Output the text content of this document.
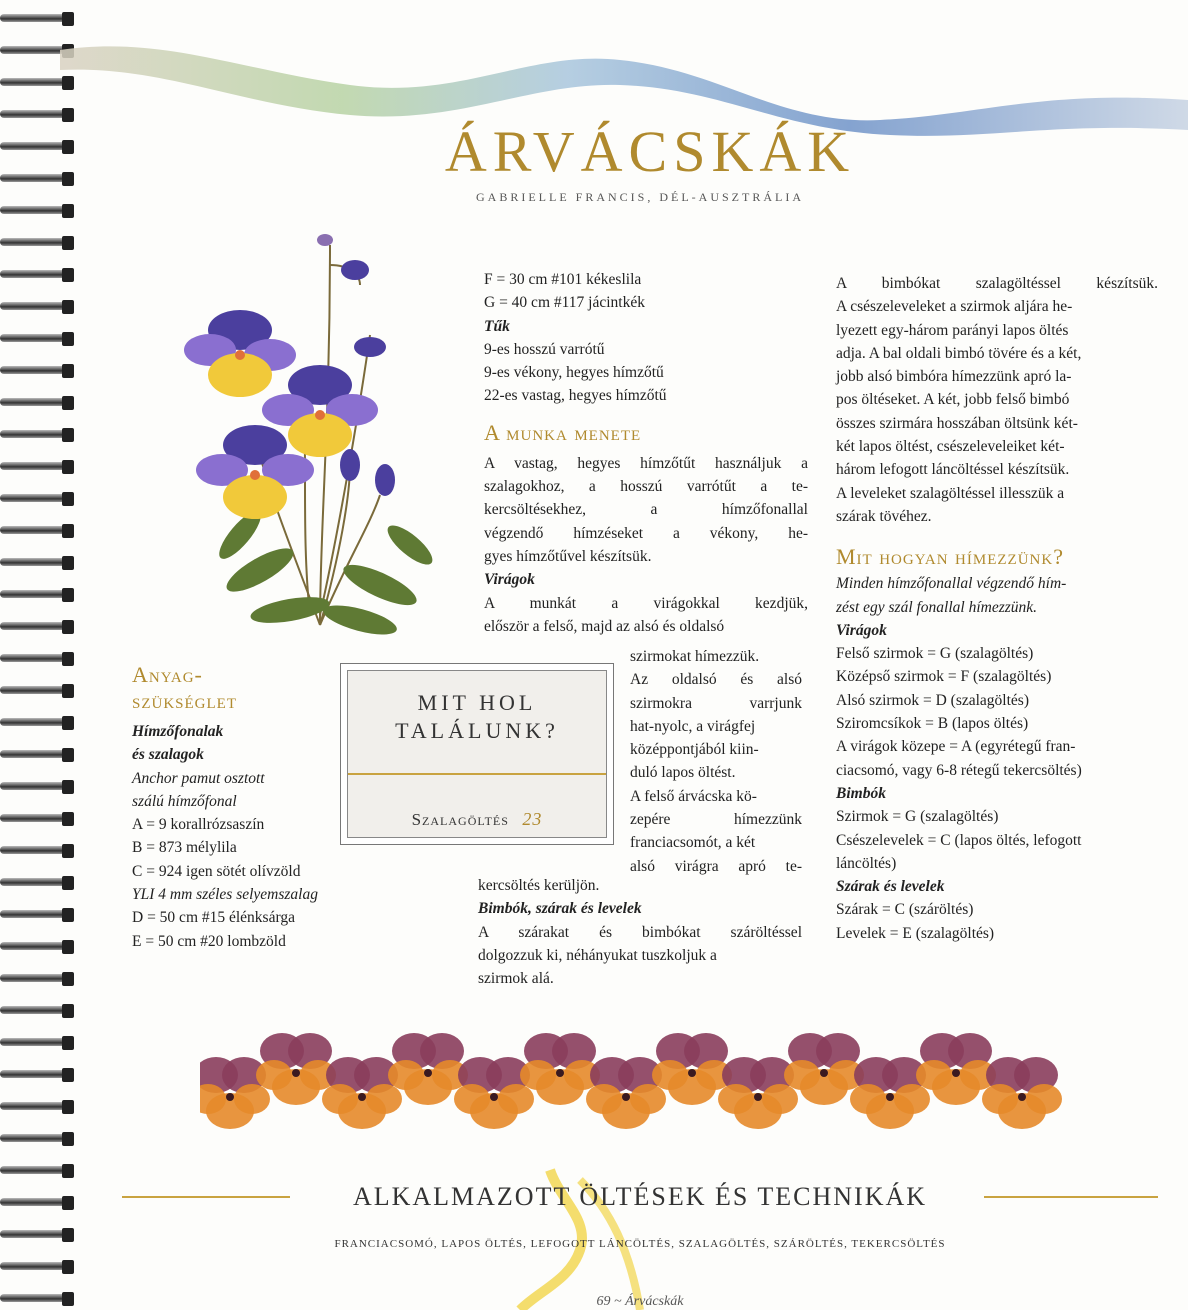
ÁRVÁCSKÁK
GABRIELLE FRANCIS, DÉL-AUSZTRÁLIA
Anyag-
szükséglet
Hímzőfonalak
és szalagok
Anchor pamut osztott
szálú hímzőfonal
A = 9 korallrózsaszín
B = 873 mélylila
C = 924 igen sötét olívzöld
YLI 4 mm széles selyemszalag
D = 50 cm #15 élénksárga
E = 50 cm #20 lombzöld
F = 30 cm #101 kékeslila
G = 40 cm #117 jácintkék
Tűk
9-es hosszú varrótű
9-es vékony, hegyes hímzőtű
22-es vastag, hegyes hímzőtű
A munka menete
A vastag, hegyes hímzőtűt használjuk a
szalagokhoz, a hosszú varrótűt a te-
kercsöltésekhez, a hímzőfonallal
végzendő hímzéseket a vékony, he-
gyes hímzőtűvel készítsük.
Virágok
A munkát a virágokkal kezdjük,
először a felső, majd az alsó és oldalsó
szirmokat hímezzük.
Az oldalsó és alsó
szirmokra varrjunk
hat-nyolc, a virágfej
középpontjából kiin-
duló lapos öltést.
A felső árvácska kö-
zepére hímezzünk
franciacsomót, a két
alsó virágra apró te-
kercsöltés kerüljön.
Bimbók, szárak és levelek
A szárakat és bimbókat száröltéssel
dolgozzuk ki, néhányukat tuszkoljuk a
szirmok alá.
MIT HOL
TALÁLUNK?
Szalagöltés 23
A bimbókat szalagöltéssel készítsük.
A csészeleveleket a szirmok aljára he-
lyezett egy-három parányi lapos öltés
adja. A bal oldali bimbó tövére és a két,
jobb alsó bimbóra hímezzünk apró la-
pos öltéseket. A két, jobb felső bimbó
összes szirmára hosszában öltsünk két-
két lapos öltést, csészeleveleiket két-
három lefogott láncöltéssel készítsük.
A leveleket szalagöltéssel illesszük a
szárak tövéhez.
Mit hogyan hímezzünk?
Minden hímzőfonallal végzendő hím-
zést egy szál fonallal hímezzünk.
Virágok
Felső szirmok = G (szalagöltés)
Középső szirmok = F (szalagöltés)
Alsó szirmok = D (szalagöltés)
Sziromcsíkok = B (lapos öltés)
A virágok közepe = A (egyrétegű fran-
ciacsomó, vagy 6-8 rétegű tekercsöltés)
Bimbók
Szirmok = G (szalagöltés)
Csészelevelek = C (lapos öltés, lefogott
láncöltés)
Szárak és levelek
Szárak = C (száröltés)
Levelek = E (szalagöltés)
ALKALMAZOTT ÖLTÉSEK ÉS TECHNIKÁK
FRANCIACSOMÓ, LAPOS ÖLTÉS, LEFOGOTT LÁNCÖLTÉS, SZALAGÖLTÉS, SZÁRÖLTÉS, TEKERCSÖLTÉS
69 ~ Árvácskák
